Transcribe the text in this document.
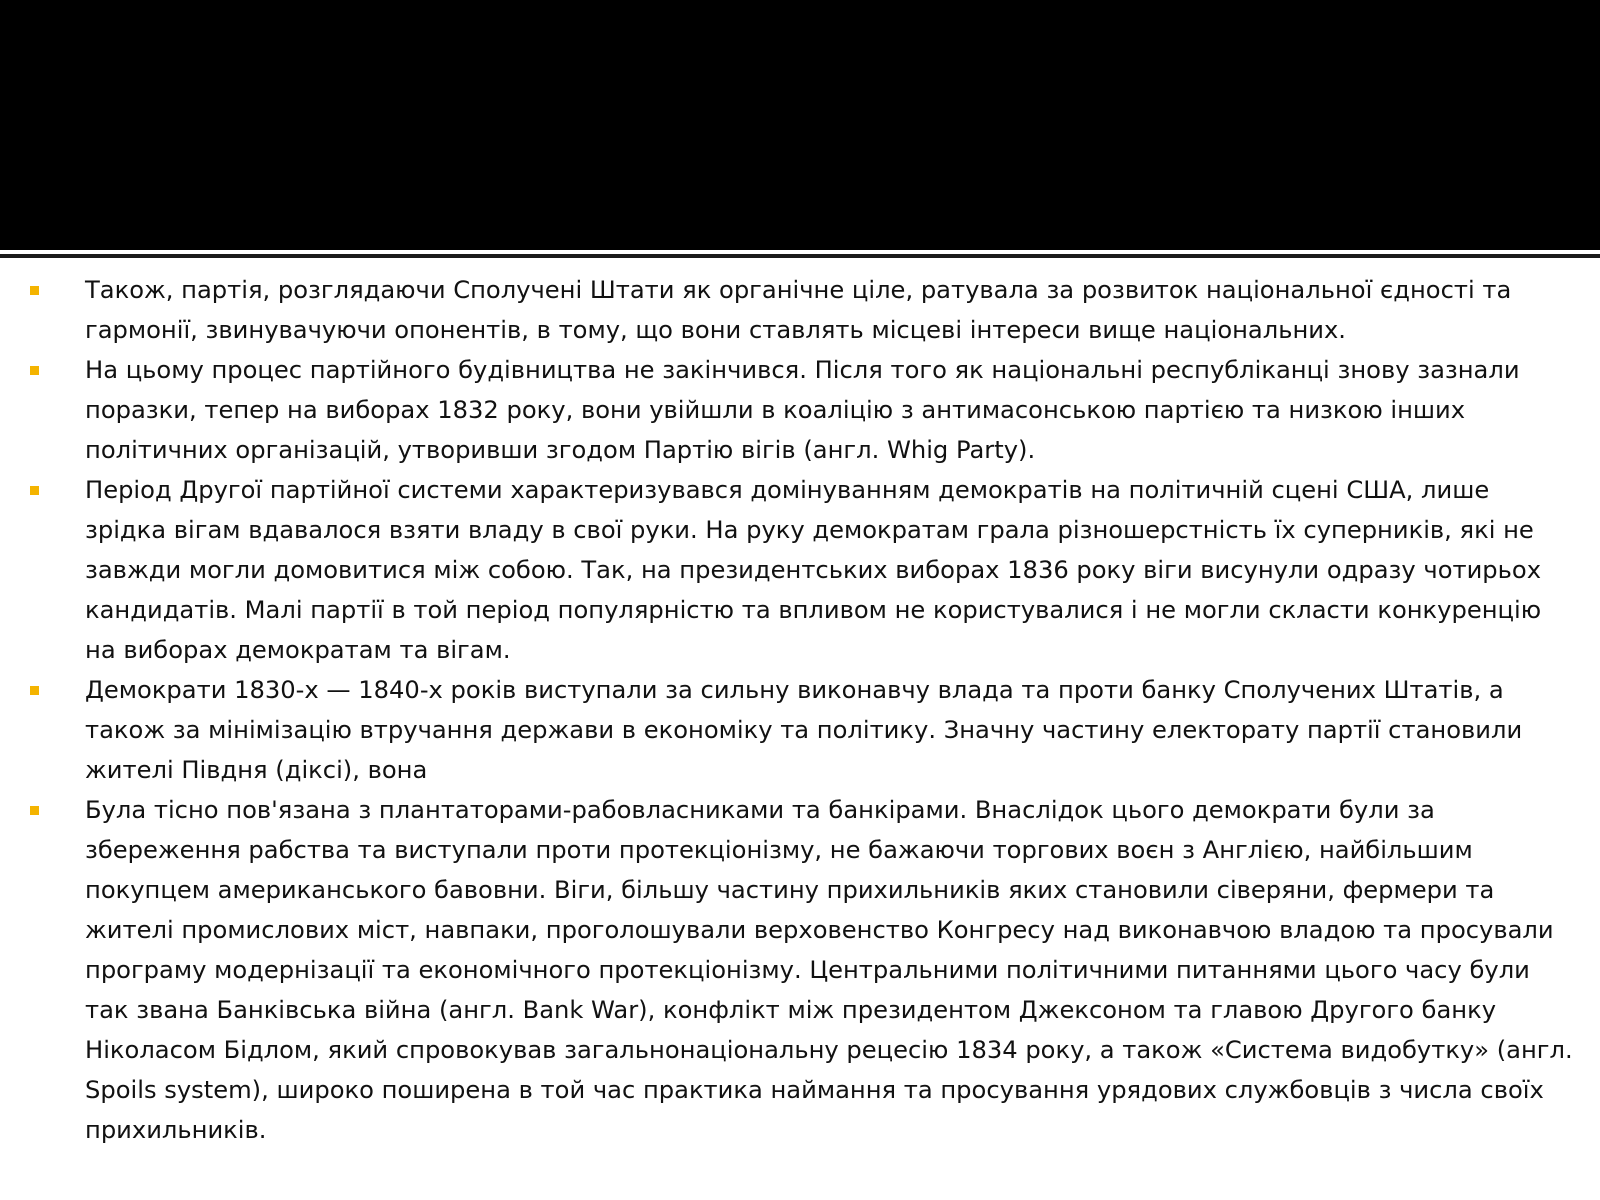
Також, партія, розглядаючи Сполучені Штати як органічне ціле, ратувала за розвиток національної єдності та гармонії, звинувачуючи опонентів, в тому, що вони ставлять місцеві інтереси вище національних.
На цьому процес партійного будівництва не закінчився. Після того як національні республіканці знову зазнали поразки, тепер на виборах 1832 року, вони увійшли в коаліцію з антимасонською партією та низкою інших політичних організацій, утворивши згодом Партію вігів (англ. Whig Party).
Період Другої партійної системи характеризувався домінуванням демократів на політичній сцені США, лише зрідка вігам вдавалося взяти владу в свої руки. На руку демократам грала різношерстність їх суперників, які не завжди могли домовитися між собою. Так, на президентських виборах 1836 року віги висунули одразу чотирьох кандидатів. Малі партії в той період популярністю та впливом не користувалися і не могли скласти конкуренцію на виборах демократам та вігам.
Демократи 1830-х — 1840-х років виступали за сильну виконавчу влада та проти банку Сполучених Штатів, а також за мінімізацію втручання держави в економіку та політику. Значну частину електорату партії становили жителі Півдня (діксі), вона
Була тісно пов'язана з плантаторами-рабовласниками та банкірами. Внаслідок цього демократи були за збереження рабства та виступали проти протекціонізму, не бажаючи торгових воєн з Англією, найбільшим покупцем американського бавовни. Віги, більшу частину прихильників яких становили сіверяни, фермери та жителі промислових міст, навпаки, проголошували верховенство Конгресу над виконавчою владою та просували програму модернізації та економічного протекціонізму. Центральними політичними питаннями цього часу були так звана Банківська війна (англ. Bank War), конфлікт між президентом Джексоном та главою Другого банку Ніколасом Бідлом, який спровокував загальнонаціональну рецесію 1834 року, а також «Система видобутку» (англ. Spoils system), широко поширена в той час практика наймання та просування урядових службовців з числа своїх прихильників.
